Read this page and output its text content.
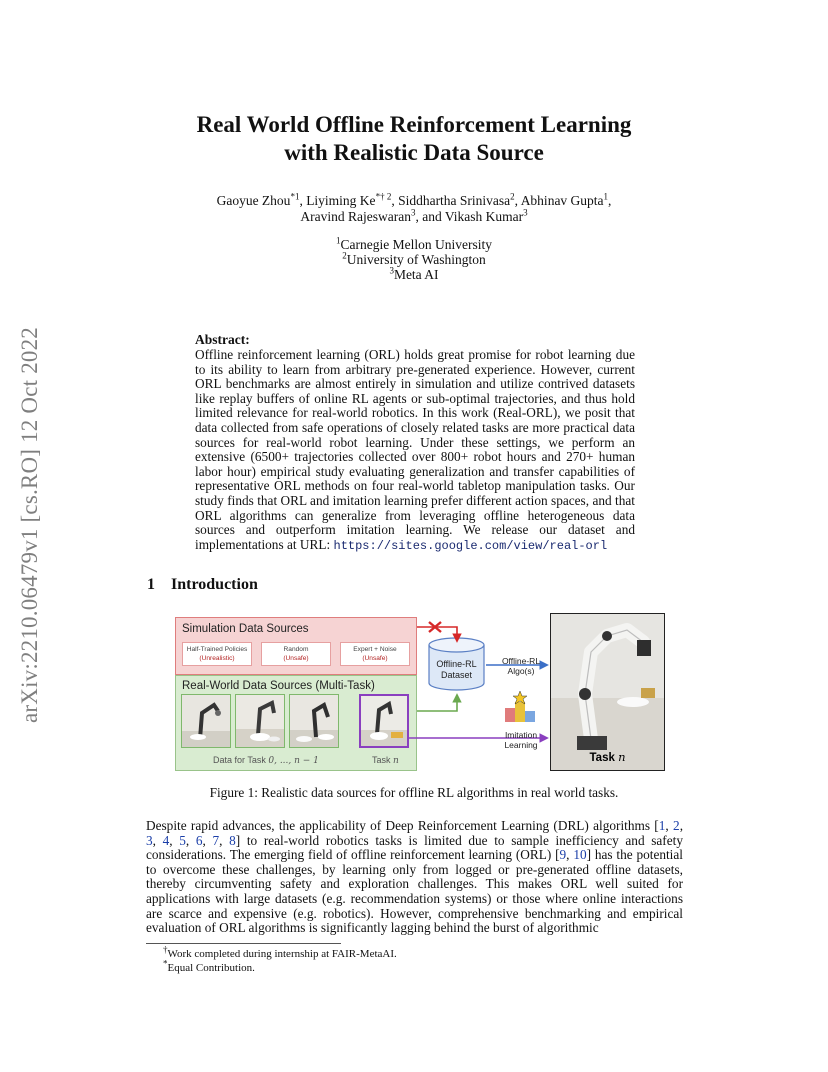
arXiv:2210.06479v1 [cs.RO] 12 Oct 2022
Real World Offline Reinforcement Learning
with Realistic Data Source
Gaoyue Zhou$^{*1}$, Liyiming Ke$^{*\dagger 2}$, Siddhartha Srinivasa$^2$, Abhinav Gupta$^1$,
Aravind Rajeswaran$^3$, and Vikash Kumar$^3$
$^1$Carnegie Mellon University
$^2$University of Washington
$^3$Meta AI
Abstract:
Offline reinforcement learning (ORL) holds great promise for robot learning due to its ability to learn from arbitrary pre-generated experience. However, current ORL benchmarks are almost entirely in simulation and utilize contrived datasets like replay buffers of online RL agents or sub-optimal trajectories, and thus hold limited relevance for real-world robotics. In this work (Real-ORL), we posit that data collected from safe operations of closely related tasks are more practical data sources for real-world robot learning. Under these settings, we perform an extensive (6500+ trajectories collected over 800+ robot hours and 270+ human labor hour) empirical study evaluating generalization and transfer capabilities of representative ORL methods on four real-world tabletop manipulation tasks. Our study finds that ORL and imitation learning prefer different action spaces, and that ORL algorithms can generalize from leveraging offline heterogeneous data sources and outperform imitation learning. We release our dataset and implementations at URL: https://sites.google.com/view/real-orl
1 Introduction
Simulation Data Sources
Half-Trained Policies
(Unrealistic)
Random
(Unsafe)
Expert + Noise
(Unsafe)
Real-World Data Sources (Multi-Task)
Data for Task 0, ..., n − 1	Task n
Offline-RL Dataset
Offline-RL
Algo(s)
Imitation Learning
Task n
Figure 1: Realistic data sources for offline RL algorithms in real world tasks.
Despite rapid advances, the applicability of Deep Reinforcement Learning (DRL) algorithms [1, 2, 3, 4, 5, 6, 7, 8] to real-world robotics tasks is limited due to sample inefficiency and safety considerations. The emerging field of offline reinforcement learning (ORL) [9, 10] has the potential to overcome these challenges, by learning only from logged or pre-generated offline datasets, thereby circumventing safety and exploration challenges. This makes ORL well suited for applications with large datasets (e.g. recommendation systems) or those where online interactions are scarce and expensive (e.g. robotics). However, comprehensive benchmarking and empirical evaluation of ORL algorithms is significantly lagging behind the burst of algorithmic
†Work completed during internship at FAIR-MetaAI.
*Equal Contribution.
